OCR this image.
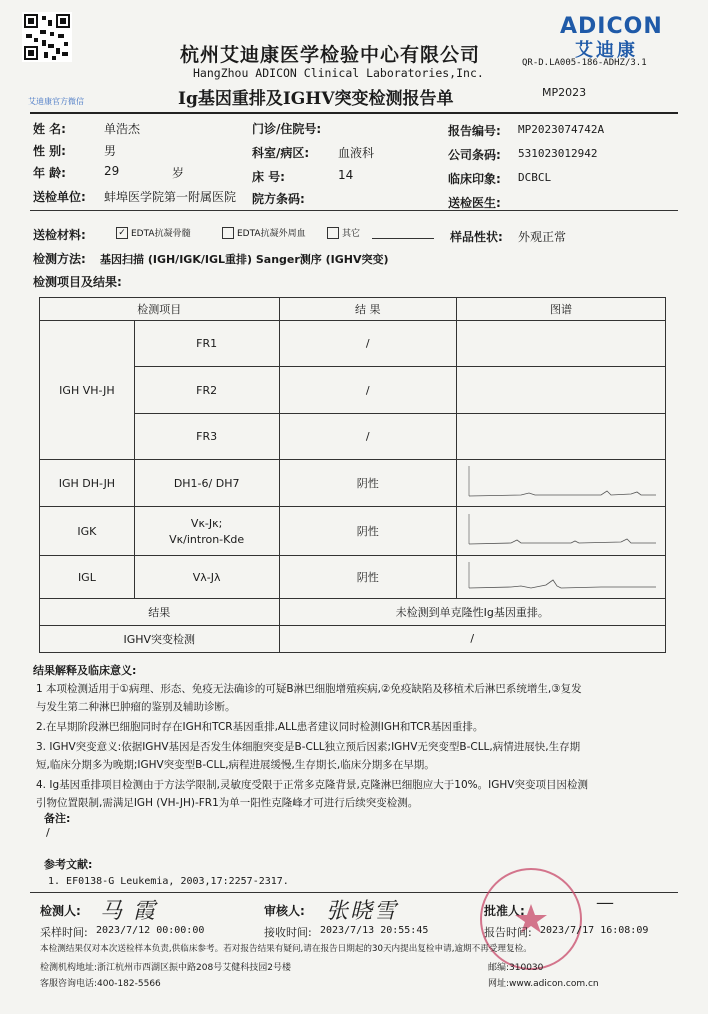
艾迪康官方微信
杭州艾迪康医学检验中心有限公司
HangZhou ADICON Clinical Laboratories,Inc.
Ig基因重排及IGHV突变检测报告单
ADICON
艾迪康
QR-D.LA005-186-ADHZ/3.1
MP2023
姓 名:	单浩杰
性 别:	男
年 龄:	29	岁
送检单位: 蚌埠医学院第一附属医院
门诊/住院号:
科室/病区: 血液科
床 号:	14
院方条码:
报告编号: MP2023074742A
公司条码: 531023012942
临床印象: DCBCL
送检医生:
送检材料:	✓ EDTA抗凝骨髓	EDTA抗凝外周血	其它	样品性状: 外观正常
检测方法: 基因扫描 (IGH/IGK/IGL重排) Sanger测序 (IGHV突变)
检测项目及结果:
检测项目		结 果	图谱
IGH VH-JH	FR1	/	
	FR2	/	
	FR3	/	
IGH DH-JH	DH1-6/ DH7	阴性	
IGK	Vκ-Jκ;
Vκ/intron-Kde	阴性	
IGL	Vλ-Jλ	阴性	
结果		未检测到单克隆性Ig基因重排。	
IGHV突变检测		/	
结果解释及临床意义:

1 本项检测适用于①病理、形态、免疫无法确诊的可疑B淋巴细胞增殖疾病,②免疫缺陷及移植术后淋巴系统增生,③复发

与发生第二种淋巴肿瘤的鉴别及辅助诊断。

2.在早期阶段淋巴细胞同时存在IGH和TCR基因重排,ALL患者建议同时检测IGH和TCR基因重排。

3. IGHV突变意义:依据IGHV基因是否发生体细胞突变是B-CLL独立预后因素;IGHV无突变型B-CLL,病情进展快,生存期

短,临床分期多为晚期;IGHV突变型B-CLL,病程进展缓慢,生存期长,临床分期多在早期。

4. Ig基因重排项目检测由于方法学限制,灵敏度受限于正常多克隆背景,克隆淋巴细胞应大于10%。IGHV突变项目因检测

引物位置限制,需满足IGH (VH-JH)-FR1为单一阳性克隆峰才可进行后续突变检测。

备注:
/
参考文献:
1. EF0138-G Leukemia, 2003,17:2257-2317.
检测人: 马 霞	审核人: 张晓雪	批准人:	—
采样时间: 2023/7/12 00:00:00	接收时间: 2023/7/13 20:55:45	报告时间: 2023/7/17 16:08:09
本检测结果仅对本次送检样本负责,供临床参考。若对报告结果有疑问,请在报告日期起的30天内提出复检申请,逾期不再受理复检。
检测机构地址:浙江杭州市西湖区振中路208号艾健科技园2号楼	邮编:310030
客服咨询电话:400-182-5566	网址:www.adicon.com.cn
